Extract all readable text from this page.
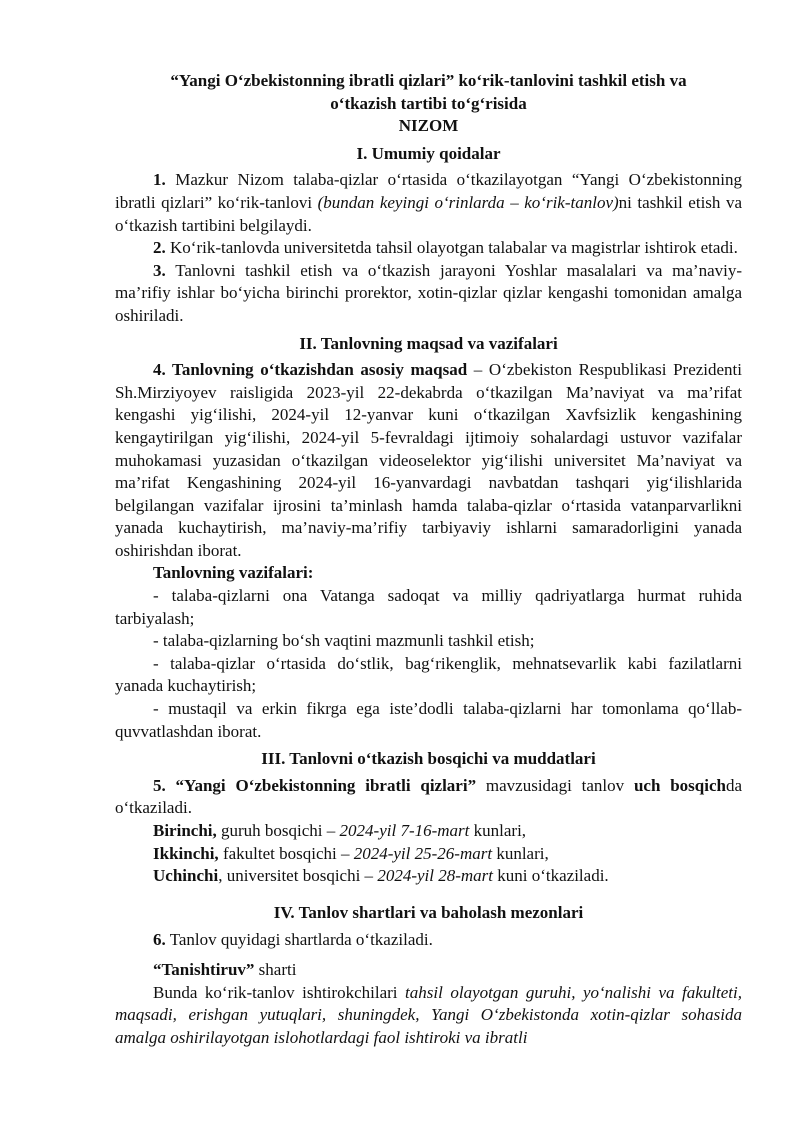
“Yangi O‘zbekistonning ibratli qizlari” ko‘rik-tanlovini tashkil etish va
o‘tkazish tartibi to‘g‘risida
NIZOM
I. Umumiy qoidalar
1. Mazkur Nizom talaba-qizlar o‘rtasida o‘tkazilayotgan “Yangi O‘zbekistonning ibratli qizlari” ko‘rik-tanlovi (bundan keyingi o‘rinlarda – ko‘rik-tanlov)ni tashkil etish va o‘tkazish tartibini belgilaydi.
2. Ko‘rik-tanlovda universitetda tahsil olayotgan talabalar va magistrlar ishtirok etadi.
3. Tanlovni tashkil etish va o‘tkazish jarayoni Yoshlar masalalari va ma’naviy-ma’rifiy ishlar bo‘yicha birinchi prorektor, xotin-qizlar qizlar kengashi tomonidan amalga oshiriladi.
II. Tanlovning maqsad va vazifalari
4. Tanlovning o‘tkazishdan asosiy maqsad – O‘zbekiston Respublikasi Prezidenti Sh.Mirziyoyev raisligida 2023-yil 22-dekabrda o‘tkazilgan Ma’naviyat va ma’rifat kengashi yig‘ilishi, 2024-yil 12-yanvar kuni o‘tkazilgan Xavfsizlik kengashining kengaytirilgan yig‘ilishi, 2024-yil 5-fevraldagi ijtimoiy sohalardagi ustuvor vazifalar muhokamasi yuzasidan o‘tkazilgan videoselektor yig‘ilishi universitet Ma’naviyat va ma’rifat Kengashining 2024-yil 16-yanvardagi navbatdan tashqari yig‘ilishlarida belgilangan vazifalar ijrosini ta’minlash hamda talaba-qizlar o‘rtasida vatanparvarlikni yanada kuchaytirish, ma’naviy-ma’rifiy tarbiyaviy ishlarni samaradorligini yanada oshirishdan iborat.
Tanlovning vazifalari:
- talaba-qizlarni ona Vatanga sadoqat va milliy qadriyatlarga hurmat ruhida tarbiyalash;
- talaba-qizlarning bo‘sh vaqtini mazmunli tashkil etish;
- talaba-qizlar o‘rtasida do‘stlik, bag‘rikenglik, mehnatsevarlik kabi fazilatlarni yanada kuchaytirish;
- mustaqil va erkin fikrga ega iste’dodli talaba-qizlarni har tomonlama qo‘llab-quvvatlashdan iborat.
III. Tanlovni o‘tkazish bosqichi va muddatlari
5. “Yangi O‘zbekistonning ibratli qizlari” mavzusidagi tanlov uch bosqichda o‘tkaziladi.
Birinchi, guruh bosqichi – 2024-yil 7-16-mart kunlari,
Ikkinchi, fakultet bosqichi – 2024-yil 25-26-mart kunlari,
Uchinchi, universitet bosqichi – 2024-yil 28-mart kuni o‘tkaziladi.
IV. Tanlov shartlari va baholash mezonlari
6. Tanlov quyidagi shartlarda o‘tkaziladi.
“Tanishtiruv” sharti
Bunda ko‘rik-tanlov ishtirokchilari tahsil olayotgan guruhi, yo‘nalishi va fakulteti, maqsadi, erishgan yutuqlari, shuningdek, Yangi O‘zbekistonda xotin-qizlar sohasida amalga oshirilayotgan islohotlardagi faol ishtiroki va ibratli
